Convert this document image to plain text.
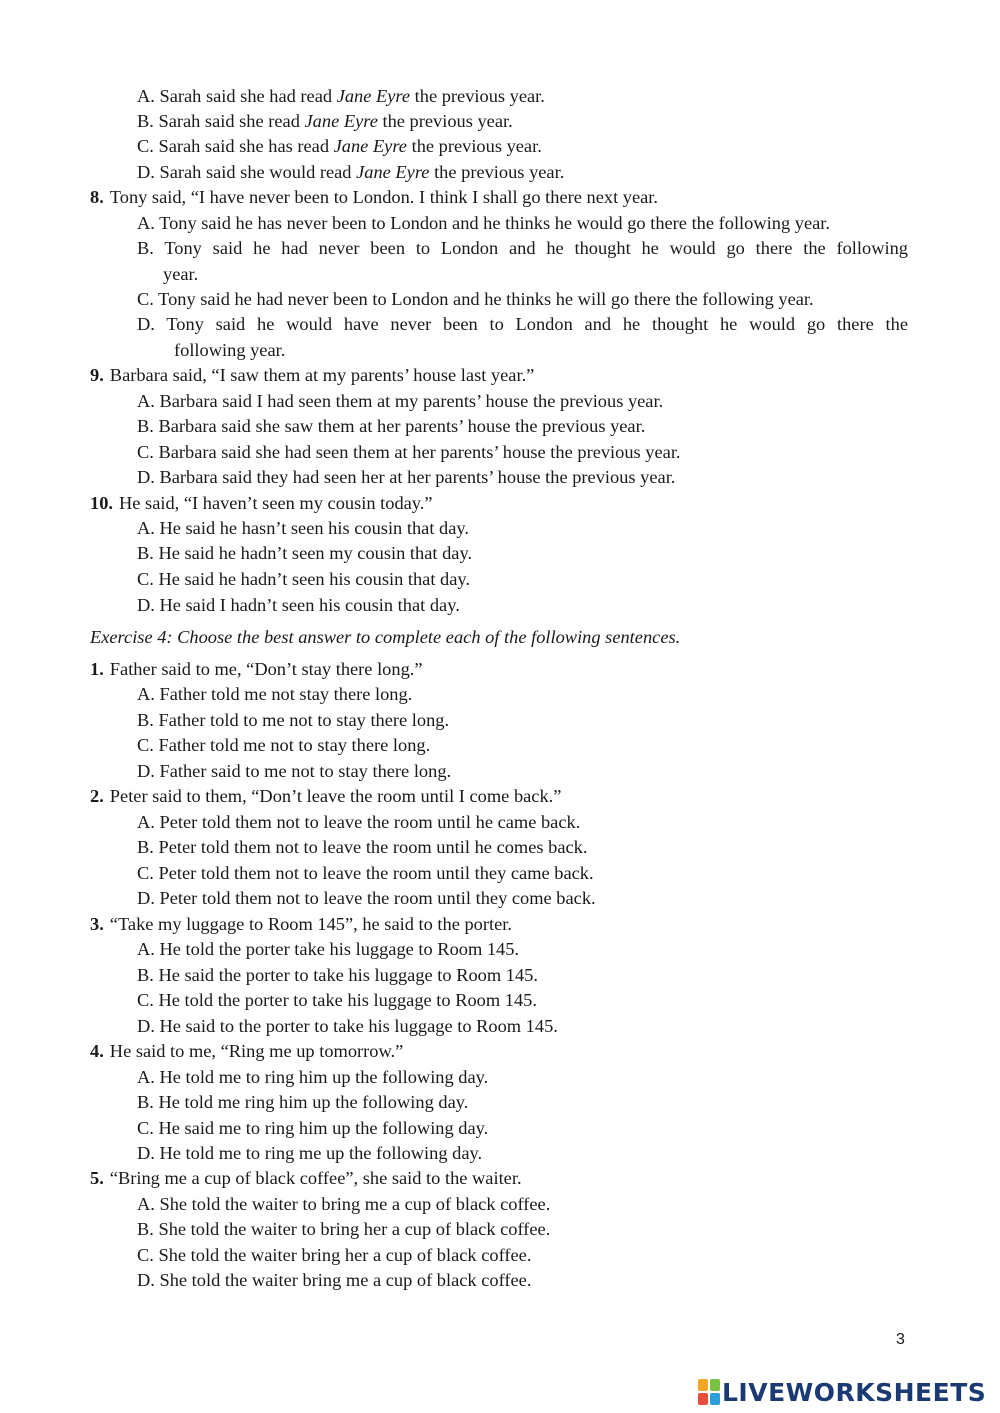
A. Sarah said she had read Jane Eyre the previous year.
B. Sarah said she read Jane Eyre the previous year.
C. Sarah said she has read Jane Eyre the previous year.
D. Sarah said she would read Jane Eyre the previous year.
8. Tony said, “I have never been to London. I think I shall go there next year.
A. Tony said he has never been to London and he thinks he would go there the following year.
B. Tony said he had never been to London and he thought he would go there the following
year.
C. Tony said he had never been to London and he thinks he will go there the following year.
D. Tony said he would have never been to London and he thought he would go there the
following year.
9. Barbara said, “I saw them at my parents’ house last year.”
A. Barbara said I had seen them at my parents’ house the previous year.
B. Barbara said she saw them at her parents’ house the previous year.
C. Barbara said she had seen them at her parents’ house the previous year.
D. Barbara said they had seen her at her parents’ house the previous year.
10. He said, “I haven’t seen my cousin today.”
A. He said he hasn’t seen his cousin that day.
B. He said he hadn’t seen my cousin that day.
C. He said he hadn’t seen his cousin that day.
D. He said I hadn’t seen his cousin that day.
Exercise 4: Choose the best answer to complete each of the following sentences.
1. Father said to me, “Don’t stay there long.”
A. Father told me not stay there long.
B. Father told to me not to stay there long.
C. Father told me not to stay there long.
D. Father said to me not to stay there long.
2. Peter said to them, “Don’t leave the room until I come back.”
A. Peter told them not to leave the room until he came back.
B. Peter told them not to leave the room until he comes back.
C. Peter told them not to leave the room until they came back.
D. Peter told them not to leave the room until they come back.
3. “Take my luggage to Room 145”, he said to the porter.
A. He told the porter take his luggage to Room 145.
B. He said the porter to take his luggage to Room 145.
C. He told the porter to take his luggage to Room 145.
D. He said to the porter to take his luggage to Room 145.
4. He said to me, “Ring me up tomorrow.”
A. He told me to ring him up the following day.
B. He told me ring him up the following day.
C. He said me to ring him up the following day.
D. He told me to ring me up the following day.
5. “Bring me a cup of black coffee”, she said to the waiter.
A. She told the waiter to bring me a cup of black coffee.
B. She told the waiter to bring her a cup of black coffee.
C. She told the waiter bring her a cup of black coffee.
D. She told the waiter bring me a cup of black coffee.
3
LIVEWORKSHEETS
